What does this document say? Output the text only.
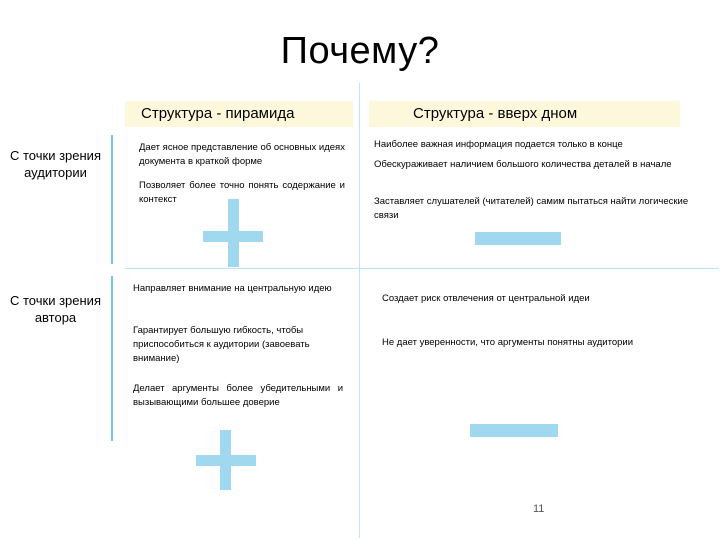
Почему?
Структура - пирамида	Структура - вверх дном
С точки зрения аудитории
С точки зрения автора
Дает ясное представление об основных идеях документа в краткой форме
Позволяет более точно понять содержание и контекст
Наиболее важная информация подается только в конце
Обескураживает наличием большого количества деталей в начале
Заставляет слушателей (читателей) самим пытаться найти логические связи
Направляет внимание на центральную идею
Гарантирует большую гибкость, чтобы приспособиться к аудитории (завоевать внимание)
Делает аргументы более убедительными и вызывающими большее доверие
Создает риск отвлечения от центральной идеи
Не дает уверенности, что аргументы понятны аудитории
11
